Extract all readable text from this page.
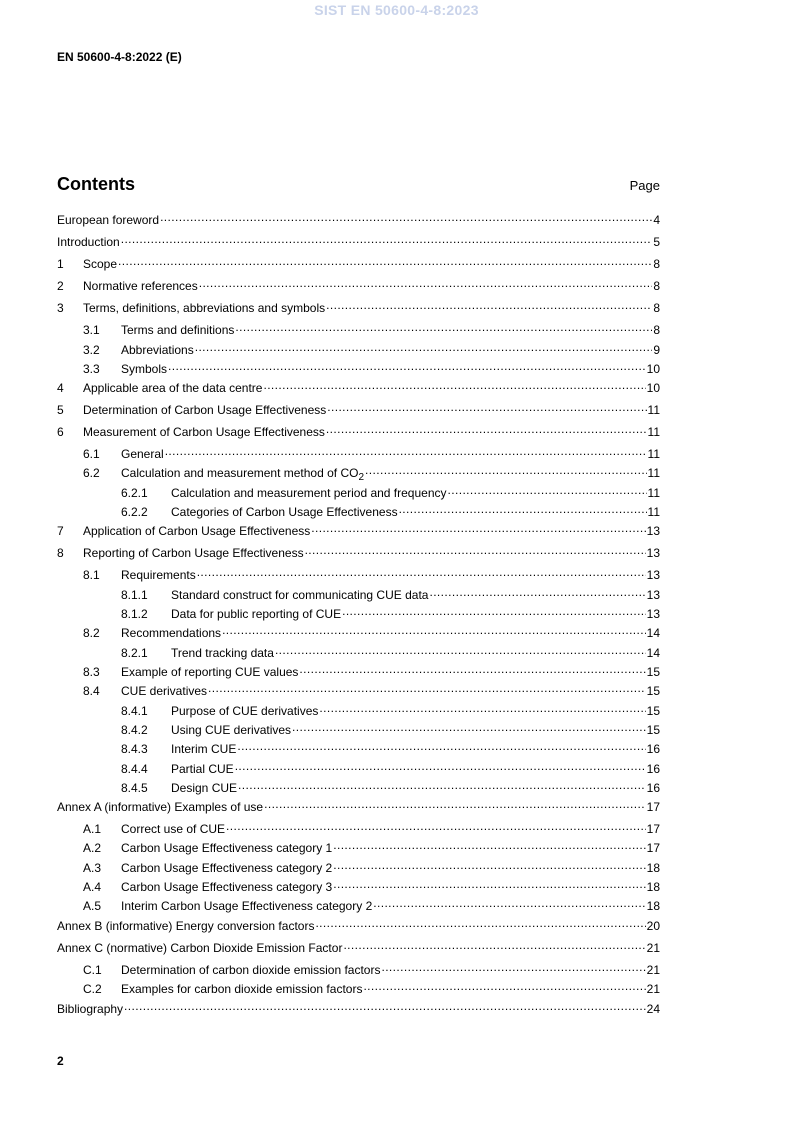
SIST EN 50600-4-8:2023
EN 50600-4-8:2022 (E)
Contents	Page
European foreword .....	4
Introduction .....	5
1	Scope .....	8
2	Normative references .....	8
3	Terms, definitions, abbreviations and symbols .....	8
3.1	Terms and definitions .....	8
3.2	Abbreviations .....	9
3.3	Symbols .....	10
4	Applicable area of the data centre .....	10
5	Determination of Carbon Usage Effectiveness .....	11
6	Measurement of Carbon Usage Effectiveness .....	11
6.1	General .....	11
6.2	Calculation and measurement method of $CO_2$ .....	11
6.2.1	Calculation and measurement period and frequency .....	11
6.2.2	Categories of Carbon Usage Effectiveness .....	11
7	Application of Carbon Usage Effectiveness .....	13
8	Reporting of Carbon Usage Effectiveness .....	13
8.1	Requirements .....	13
8.1.1	Standard construct for communicating CUE data .....	13
8.1.2	Data for public reporting of CUE .....	13
8.2	Recommendations .....	14
8.2.1	Trend tracking data .....	14
8.3	Example of reporting CUE values .....	15
8.4	CUE derivatives .....	15
8.4.1	Purpose of CUE derivatives .....	15
8.4.2	Using CUE derivatives .....	15
8.4.3	Interim CUE .....	16
8.4.4	Partial CUE .....	16
8.4.5	Design CUE .....	16
Annex A (informative) Examples of use .....	17
A.1	Correct use of CUE .....	17
A.2	Carbon Usage Effectiveness category 1 .....	17
A.3	Carbon Usage Effectiveness category 2 .....	18
A.4	Carbon Usage Effectiveness category 3 .....	18
A.5	Interim Carbon Usage Effectiveness category 2 .....	18
Annex B (informative) Energy conversion factors .....	20
Annex C (normative) Carbon Dioxide Emission Factor .....	21
C.1	Determination of carbon dioxide emission factors .....	21
C.2	Examples for carbon dioxide emission factors .....	21
Bibliography .....	24
2
